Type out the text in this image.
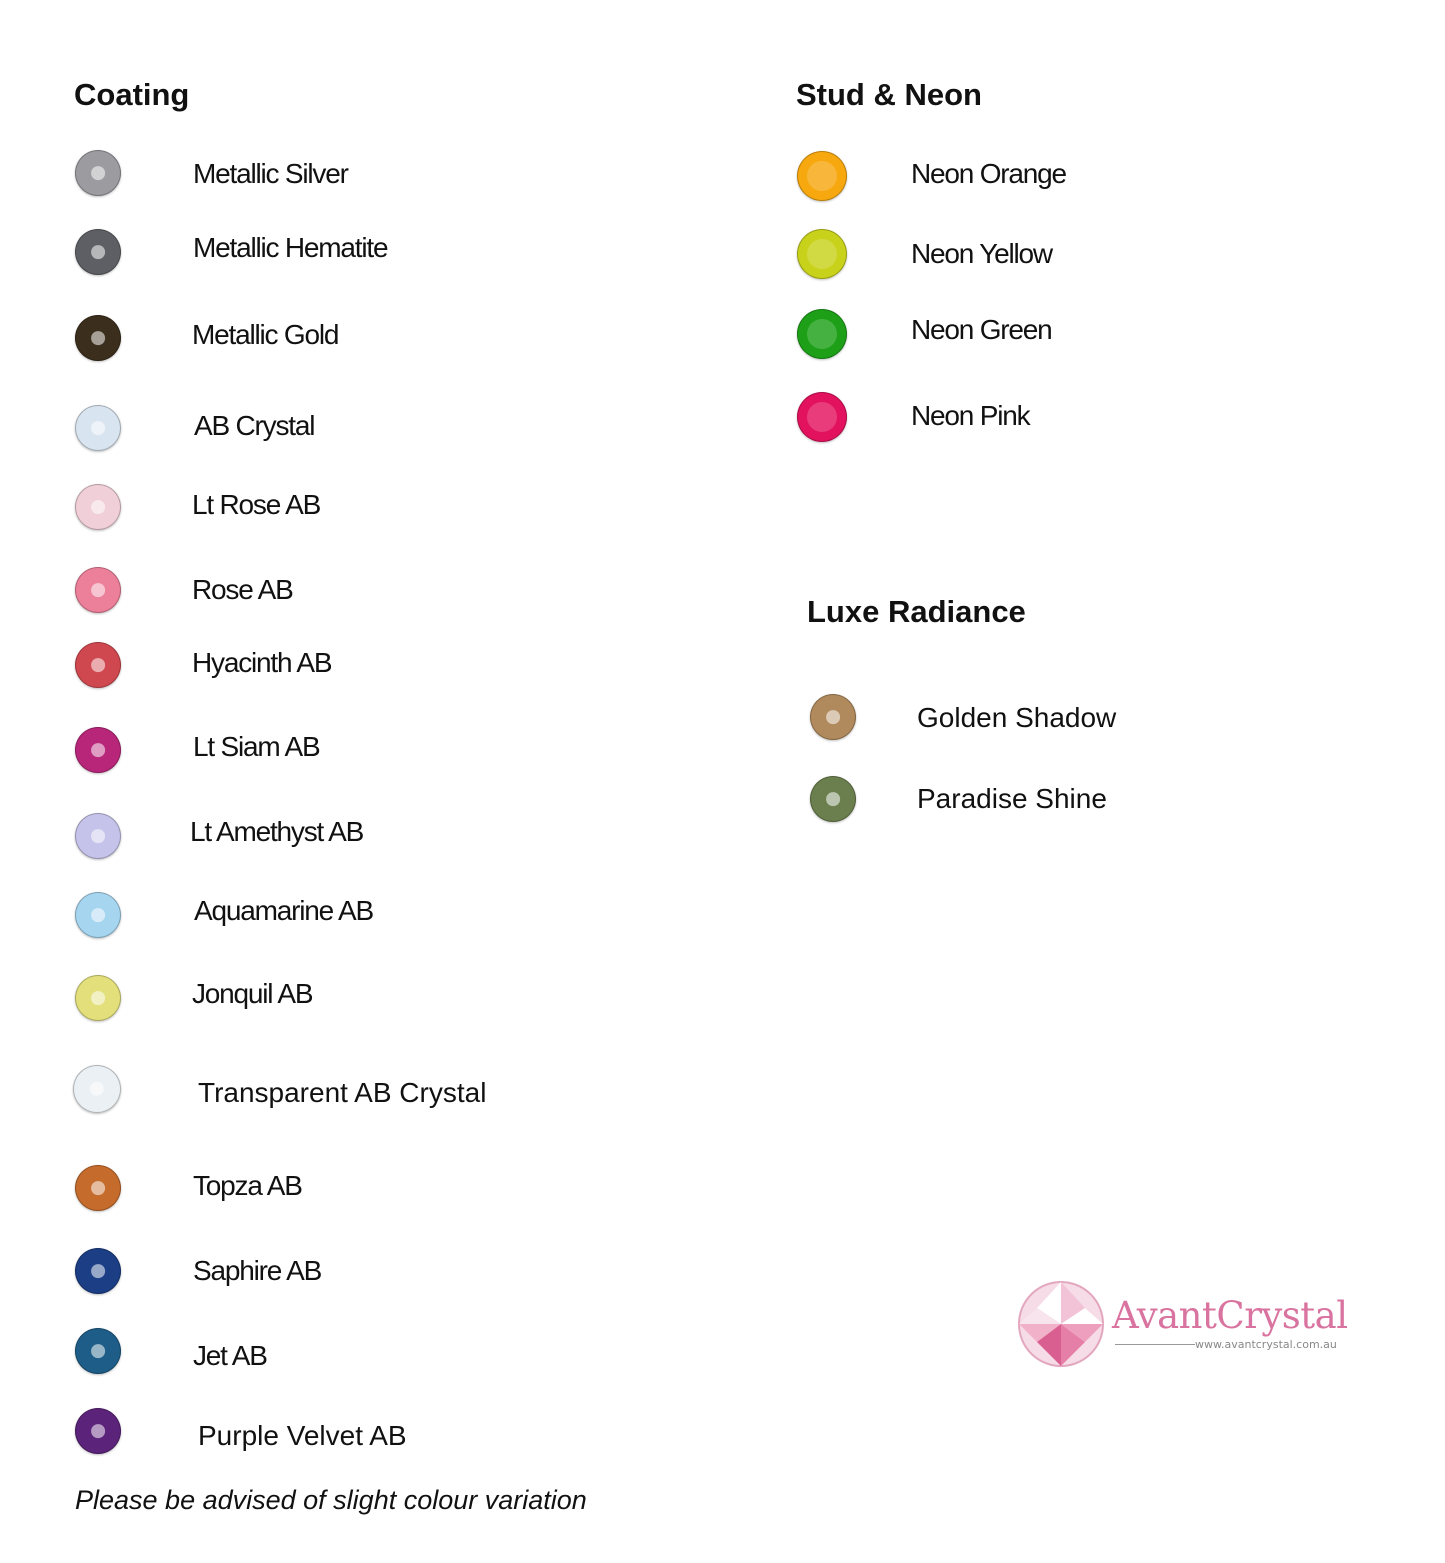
Coating	Stud & Neon
Luxe Radiance
Metallic Silver
Metallic Hematite
Metallic Gold
AB Crystal
Lt Rose AB
Rose AB
Hyacinth AB
Lt Siam AB
Lt Amethyst AB
Aquamarine AB
Jonquil AB
Transparent AB Crystal
Topza AB
Saphire AB
Jet AB
Purple Velvet AB
Neon Orange
Neon Yellow
Neon Green
Neon Pink
Golden Shadow
Paradise Shine
Please be advised of slight colour variation
AvantCrystal
www.avantcrystal.com.au
